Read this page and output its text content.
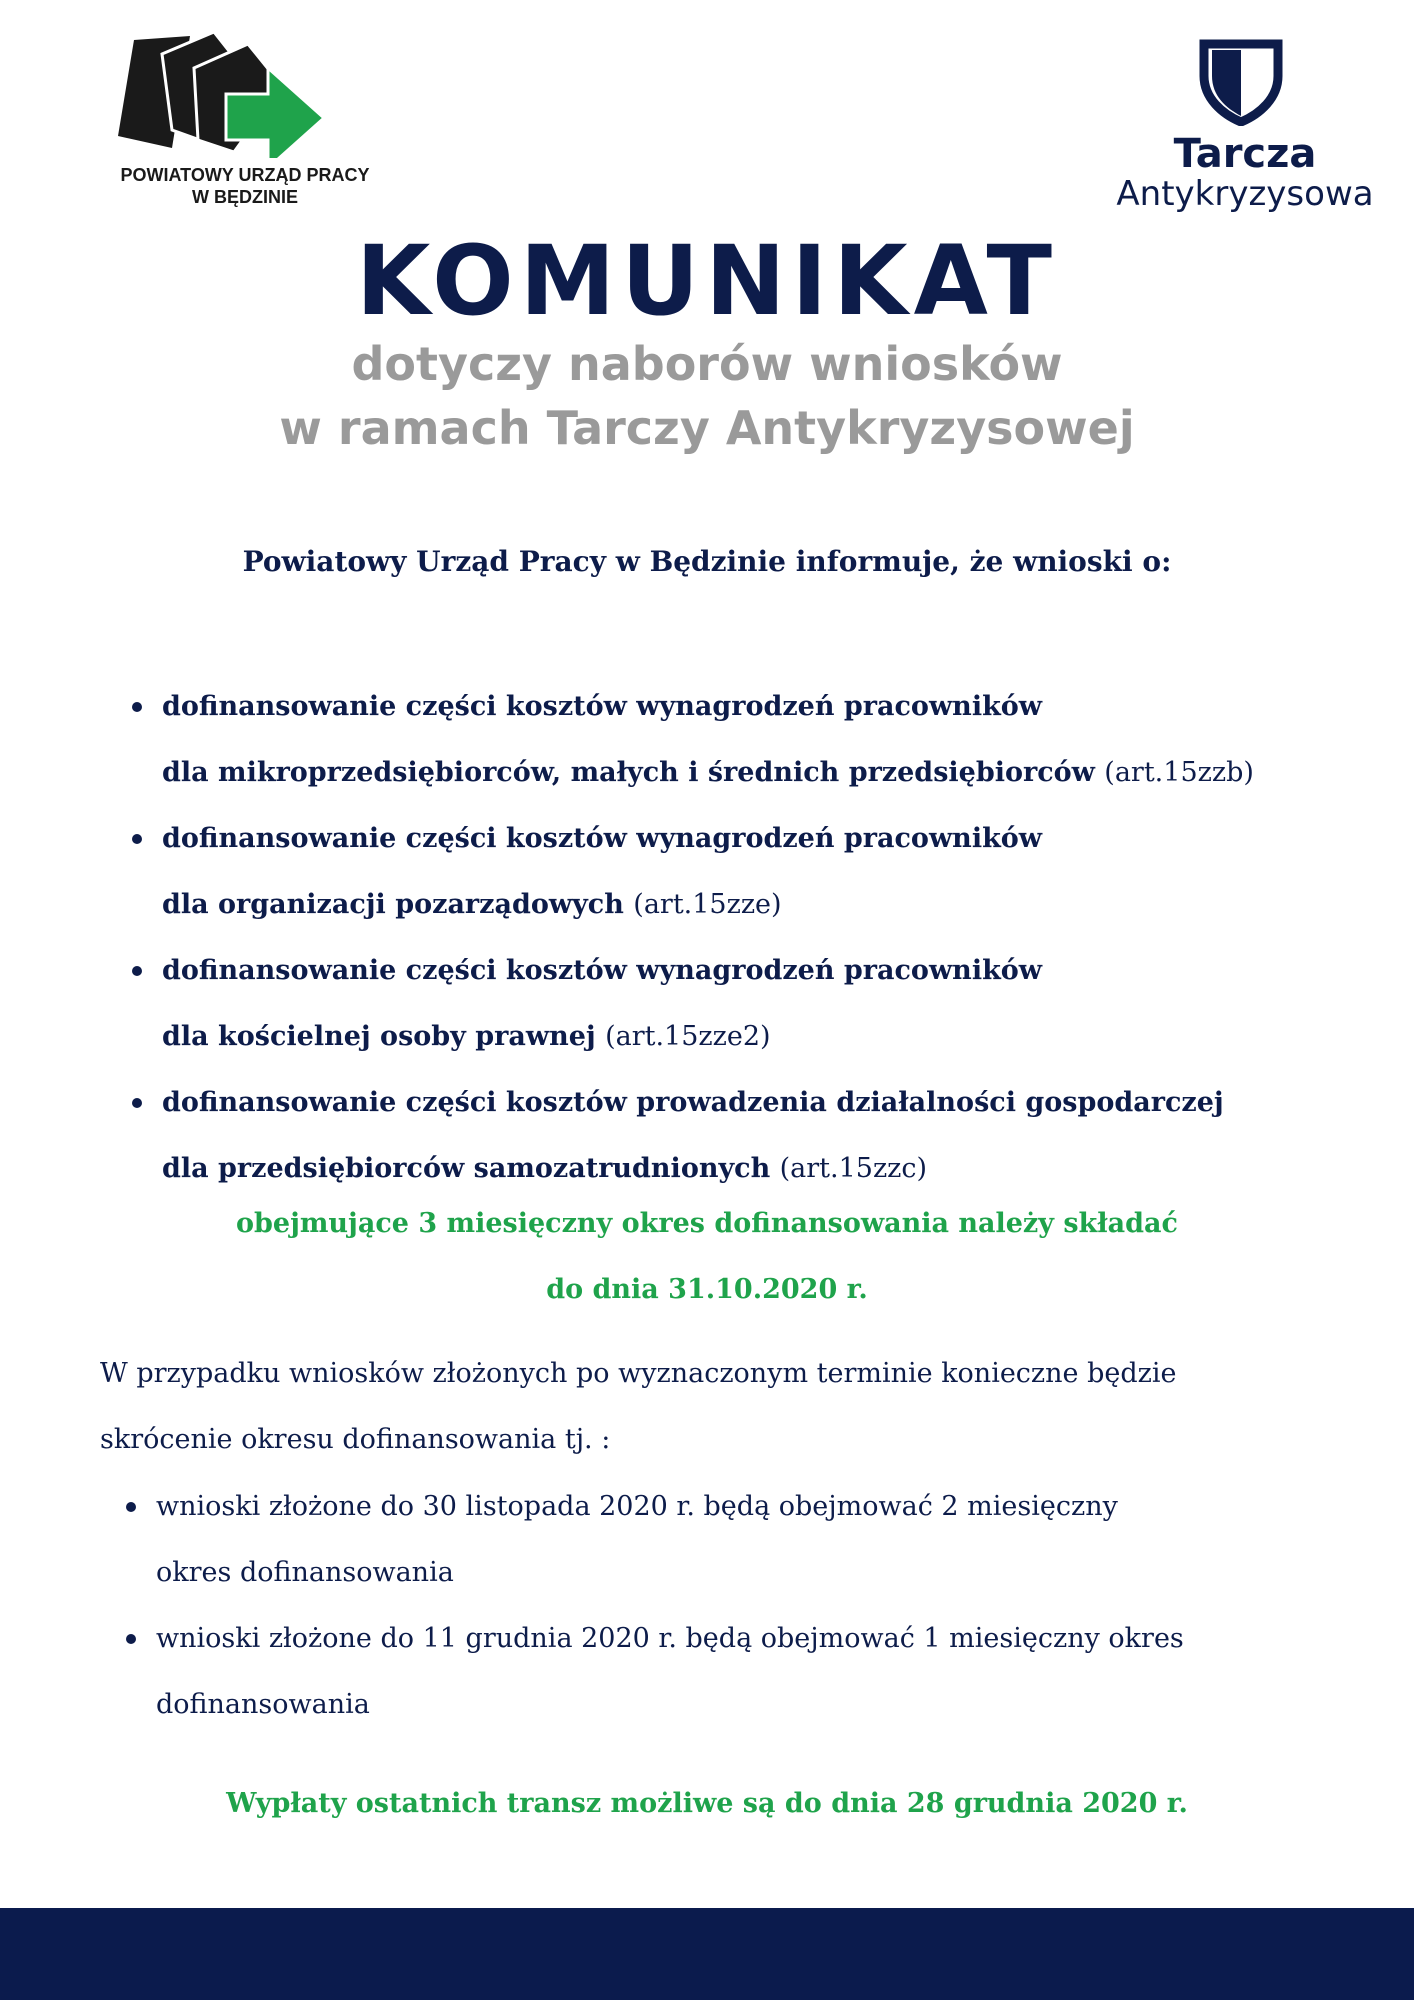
POWIATOWY URZĄD PRACY
W BĘDZINIE
Tarcza
Antykryzysowa
KOMUNIKAT
dotyczy naborów wniosków
w ramach Tarczy Antykryzysowej
Powiatowy Urząd Pracy w Będzinie informuje, że wnioski o:
dofinansowanie części kosztów wynagrodzeń pracowników
dla mikroprzedsiębiorców, małych i średnich przedsiębiorców (art.15zzb)
dofinansowanie części kosztów wynagrodzeń pracowników
dla organizacji pozarządowych (art.15zze)
dofinansowanie części kosztów wynagrodzeń pracowników
dla kościelnej osoby prawnej (art.15zze2)
dofinansowanie części kosztów prowadzenia działalności gospodarczej
dla przedsiębiorców samozatrudnionych (art.15zzc)
obejmujące 3 miesięczny okres dofinansowania należy składać
do dnia 31.10.2020 r.
W przypadku wniosków złożonych po wyznaczonym terminie konieczne będzie
skrócenie okresu dofinansowania tj. :
wnioski złożone do 30 listopada 2020 r. będą obejmować 2 miesięczny
okres dofinansowania
wnioski złożone do 11 grudnia 2020 r. będą obejmować 1 miesięczny okres
dofinansowania
Wypłaty ostatnich transz możliwe są do dnia 28 grudnia 2020 r.
